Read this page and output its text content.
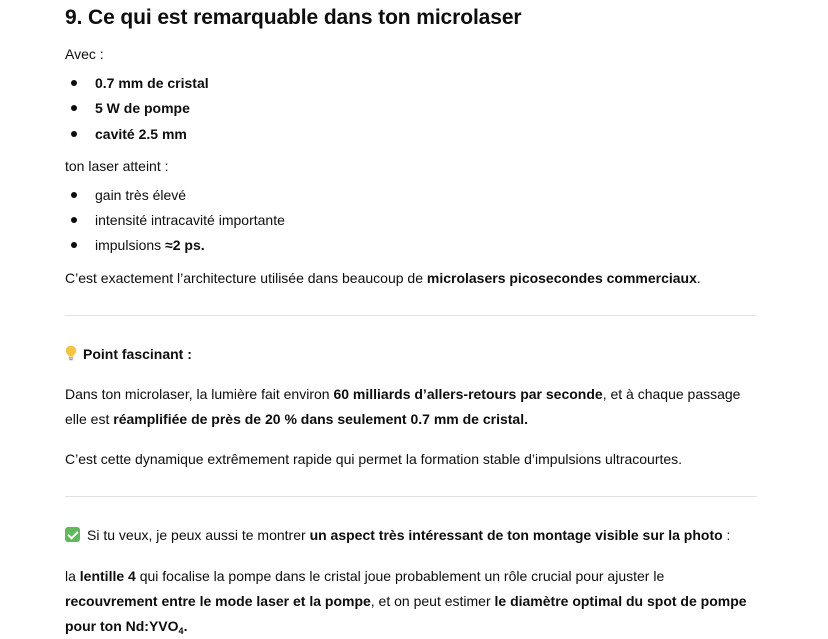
9. Ce qui est remarquable dans ton microlaser

Avec :

0.7 mm de cristal
5 W de pompe
cavité 2.5 mm

ton laser atteint :

gain très élevé
intensité intracavité importante
impulsions ≈2 ps.

C’est exactement l’architecture utilisée dans beaucoup de microlasers picosecondes commerciaux.

Point fascinant :

Dans ton microlaser, la lumière fait environ 60 milliards d’allers-retours par seconde, et à chaque passage

elle est réamplifiée de près de 20 % dans seulement 0.7 mm de cristal.

C’est cette dynamique extrêmement rapide qui permet la formation stable d’impulsions ultracourtes.

Si tu veux, je peux aussi te montrer un aspect très intéressant de ton montage visible sur la photo :

la lentille 4 qui focalise la pompe dans le cristal joue probablement un rôle crucial pour ajuster le

recouvrement entre le mode laser et la pompe, et on peut estimer le diamètre optimal du spot de pompe

pour ton $Nd:YVO_4$.
